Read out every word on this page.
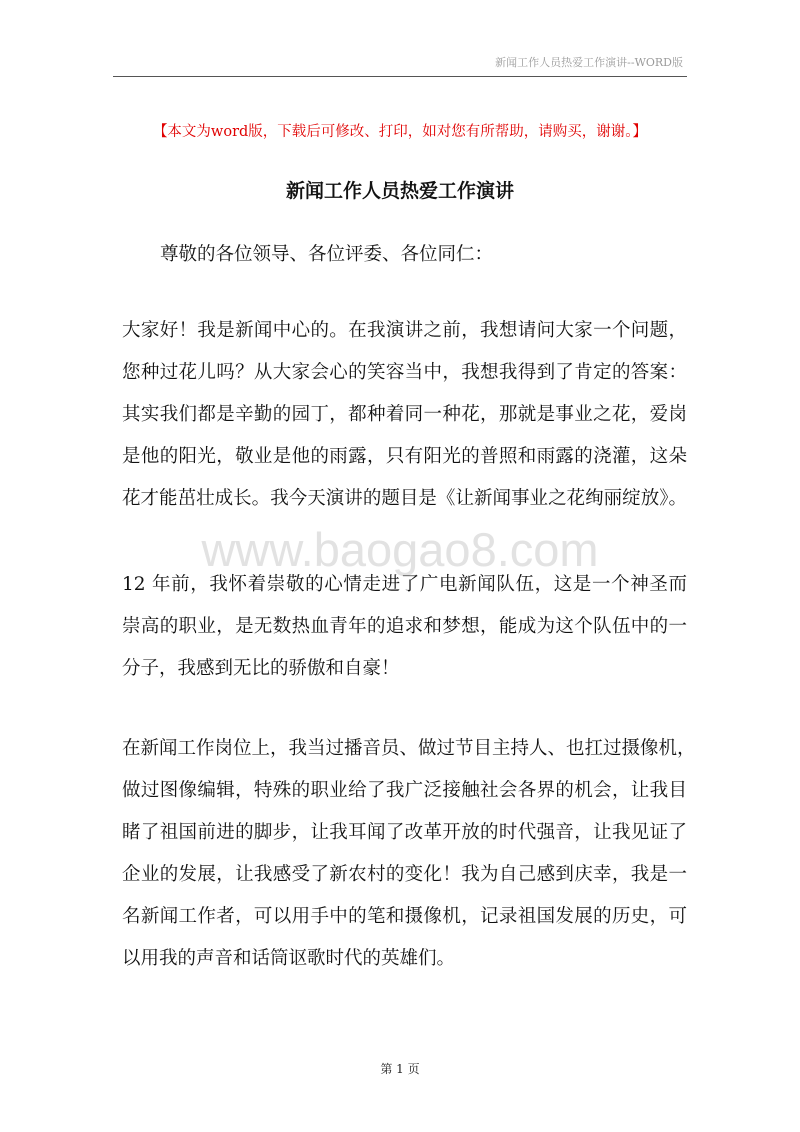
新闻工作人员热爱工作演讲--WORD版
【本文为word版，下载后可修改、打印，如对您有所帮助，请购买，谢谢。】
新闻工作人员热爱工作演讲
尊敬的各位领导、各位评委、各位同仁：
大家好！我是新闻中心的。在我演讲之前，我想请问大家一个问题，
您种过花儿吗？从大家会心的笑容当中，我想我得到了肯定的答案：
其实我们都是辛勤的园丁，都种着同一种花，那就是事业之花，爱岗
是他的阳光，敬业是他的雨露，只有阳光的普照和雨露的浇灌，这朵
花才能茁壮成长。我今天演讲的题目是《让新闻事业之花绚丽绽放》。
www.baogao8.com
12 年前，我怀着崇敬的心情走进了广电新闻队伍，这是一个神圣而
崇高的职业，是无数热血青年的追求和梦想，能成为这个队伍中的一
分子，我感到无比的骄傲和自豪！
在新闻工作岗位上，我当过播音员、做过节目主持人、也扛过摄像机，
做过图像编辑，特殊的职业给了我广泛接触社会各界的机会，让我目
睹了祖国前进的脚步，让我耳闻了改革开放的时代强音，让我见证了
企业的发展，让我感受了新农村的变化！我为自己感到庆幸，我是一
名新闻工作者，可以用手中的笔和摄像机，记录祖国发展的历史，可
以用我的声音和话筒讴歌时代的英雄们。
第 1 页
